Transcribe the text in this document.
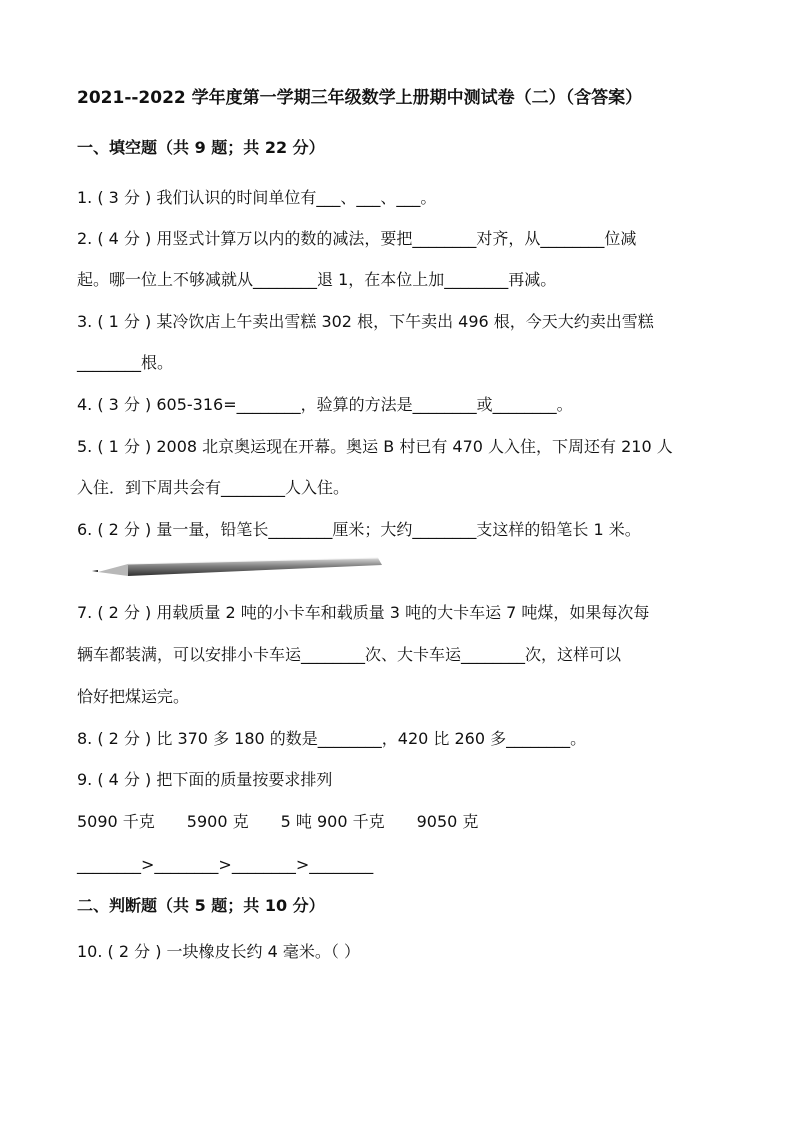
2021--2022 学年度第一学期三年级数学上册期中测试卷（二）（含答案）
一、填空题（共 9 题；共 22 分）
1. ( 3 分 ) 我们认识的时间单位有___、___、___。
2. ( 4 分 ) 用竖式计算万以内的数的减法，要把________对齐，从________位减
起。哪一位上不够减就从________退 1，在本位上加________再减。
3. ( 1 分 ) 某冷饮店上午卖出雪糕 302 根，下午卖出 496 根，今天大约卖出雪糕
________根。
4. ( 3 分 ) 605-316=________，验算的方法是________或________。
5. ( 1 分 ) 2008 北京奥运现在开幕。奥运 B 村已有 470 人入住，下周还有 210 人
入住．到下周共会有________人入住。
6. ( 2 分 ) 量一量，铅笔长________厘米；大约________支这样的铅笔长 1 米。
7. ( 2 分 ) 用载质量 2 吨的小卡车和载质量 3 吨的大卡车运 7 吨煤，如果每次每
辆车都装满，可以安排小卡车运________次、大卡车运________次，这样可以
恰好把煤运完。
8. ( 2 分 ) 比 370 多 180 的数是________，420 比 260 多________。
9. ( 4 分 ) 把下面的质量按要求排列
5090 千克　　5900 克　　5 吨 900 千克　　9050 克
________>________>________>________
二、判断题（共 5 题；共 10 分）
10. ( 2 分 ) 一块橡皮长约 4 毫米。（ ）
